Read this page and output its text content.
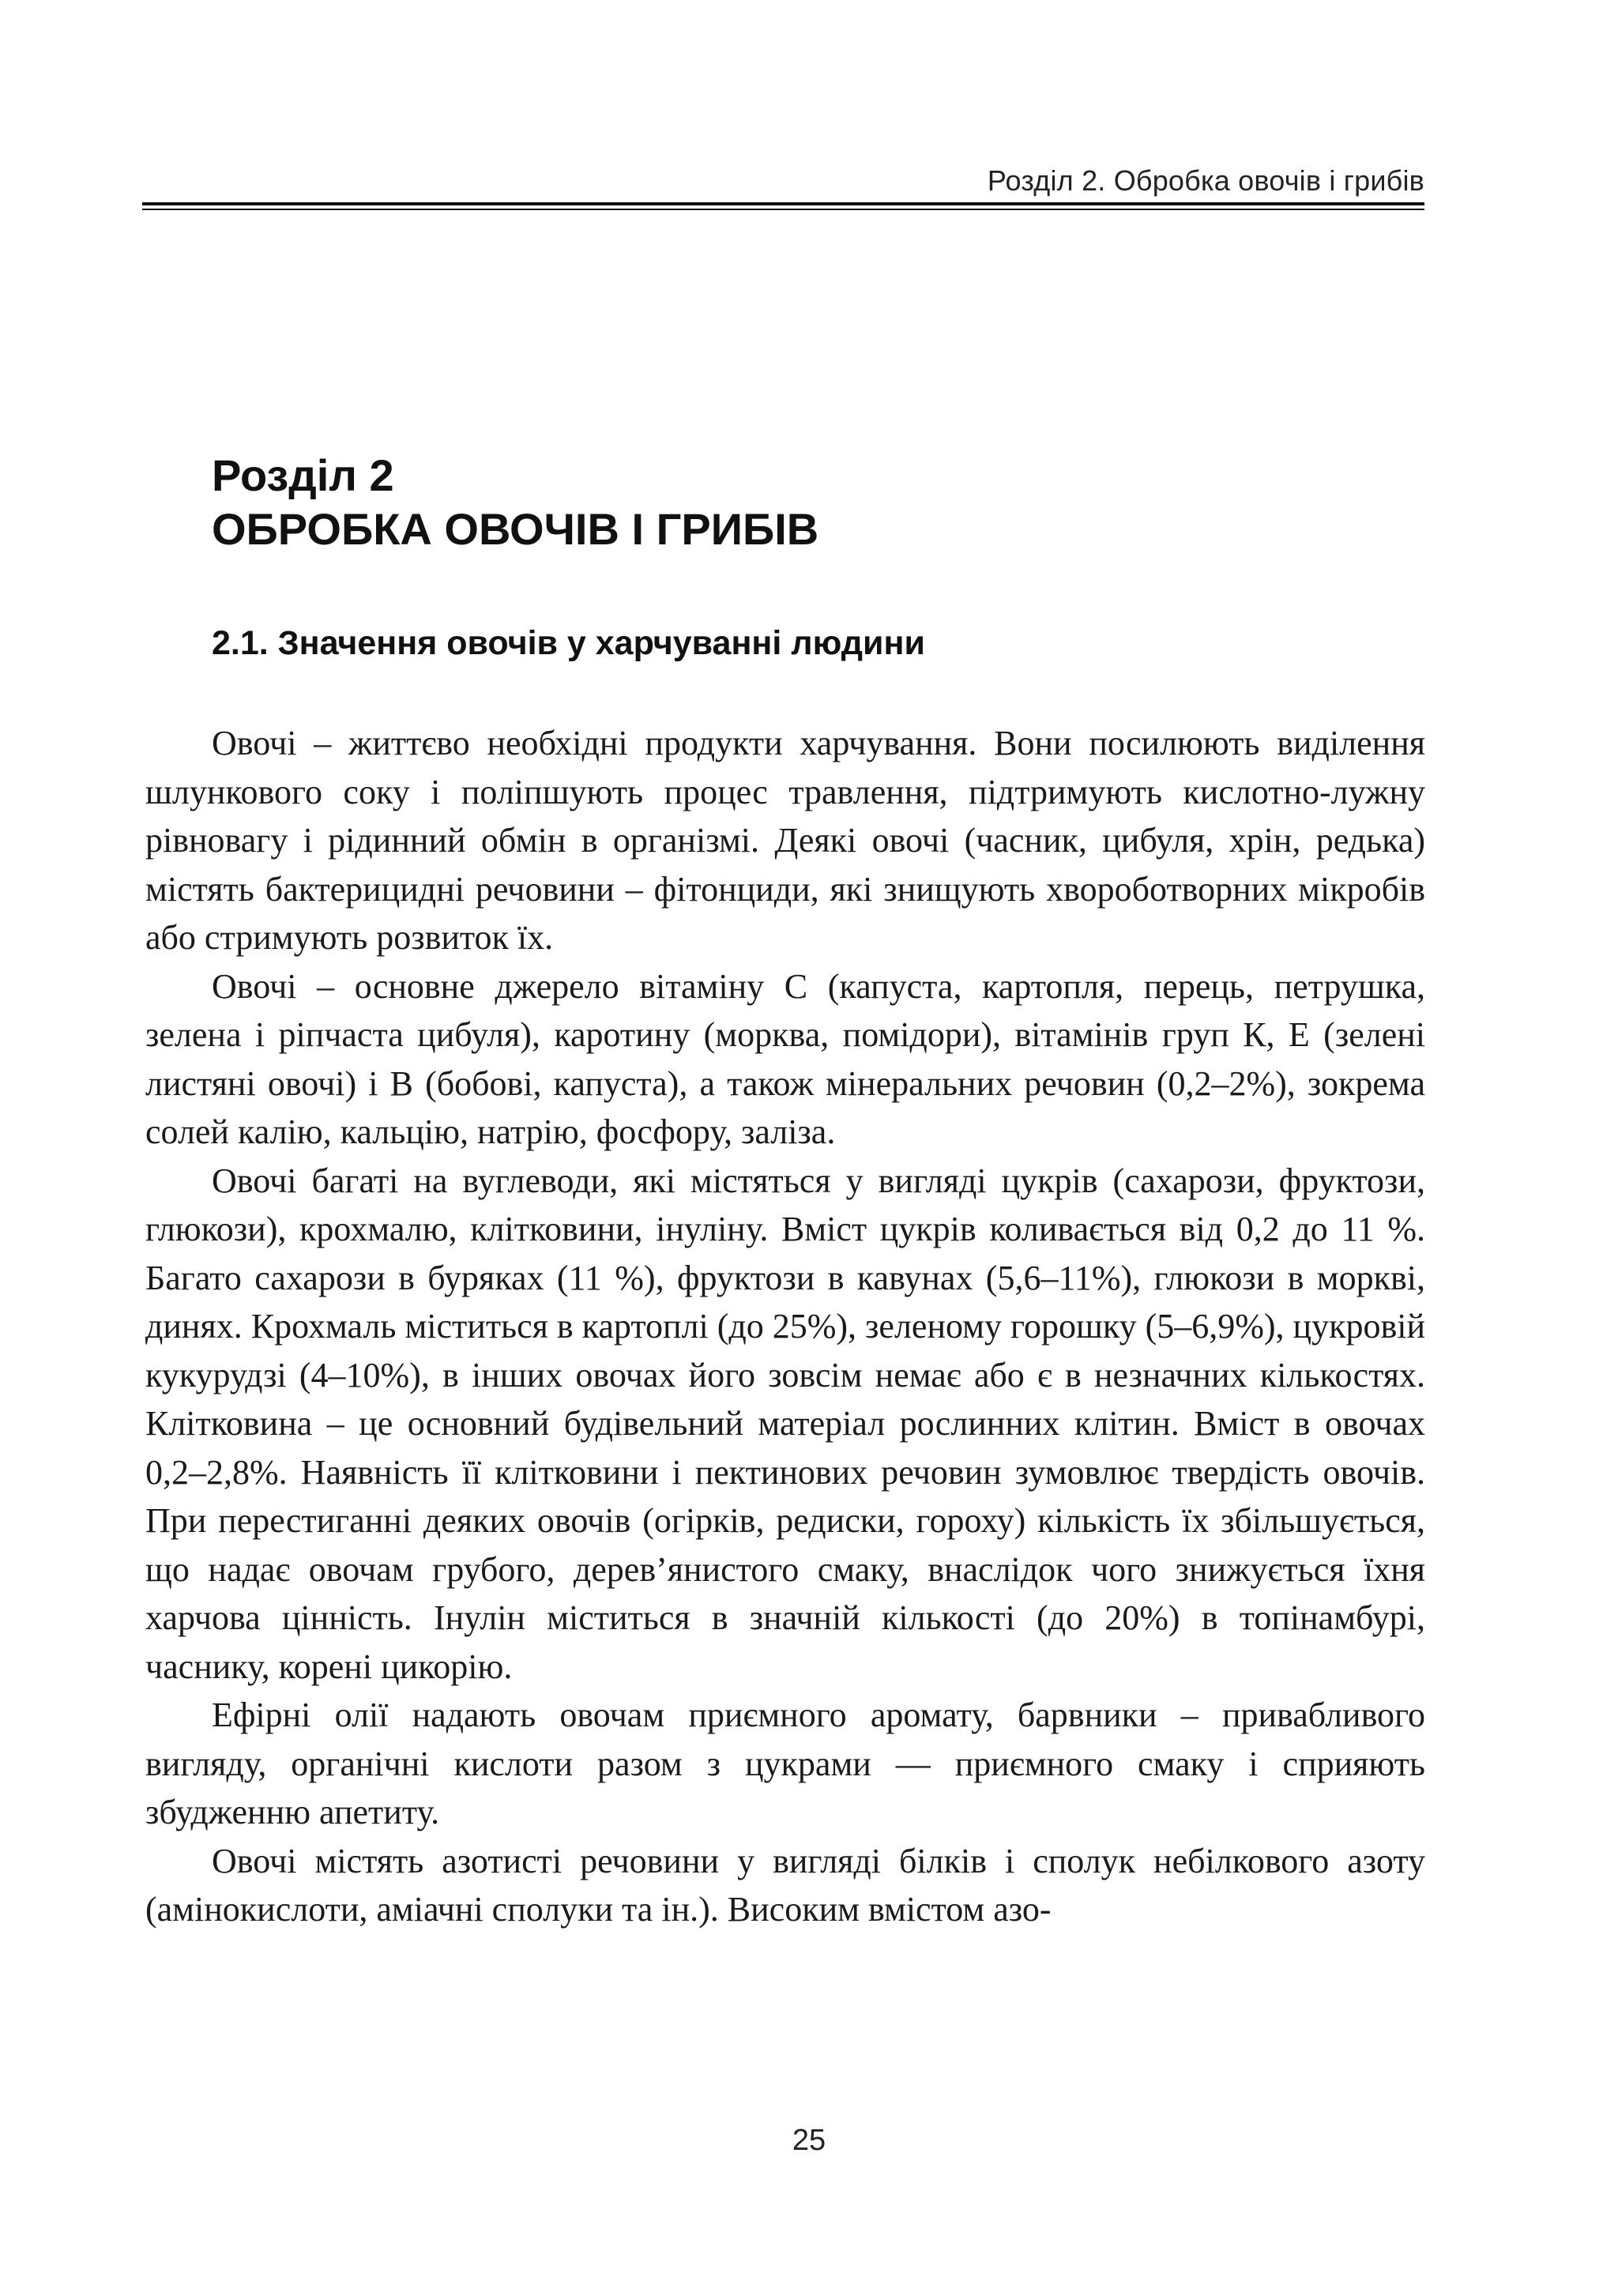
Розділ 2. Обробка овочів і грибів
Розділ 2
ОБРОБКА ОВОЧІВ І ГРИБІВ
2.1. Значення овочів у харчуванні людини

Овочі – життєво необхідні продукти харчування. Вони посилюють виділення шлункового соку і поліпшують процес травлення, підтримують кислотно-лужну рівновагу і рідинний обмін в організмі. Деякі овочі (часник, цибуля, хрін, редька) містять бактерицидні речовини – фітонциди, які знищують хвороботворних мікробів або стримують розвиток їх.

Овочі – основне джерело вітаміну С (капуста, картопля, перець, петрушка, зелена і ріпчаста цибуля), каротину (морква, помідори), вітамінів груп К, Е (зелені листяні овочі) і В (бобові, капуста), а також мінеральних речовин (0,2–2%), зокрема солей калію, кальцію, натрію, фосфору, заліза.

Овочі багаті на вуглеводи, які містяться у вигляді цукрів (сахарози, фруктози, глюкози), крохмалю, клітковини, інуліну. Вміст цукрів коливається від 0,2 до 11 %. Багато сахарози в буряках (11 %), фруктози в кавунах (5,6–11%), глюкози в моркві, динях. Крохмаль міститься в картоплі (до 25%), зеленому горошку (5–6,9%), цукровій кукурудзі (4–10%), в інших овочах його зовсім немає або є в незначних кількостях. Клітковина – це основний будівельний матеріал рослинних клітин. Вміст в овочах 0,2–2,8%. Наявність її клітковини і пектинових речовин зумовлює твердість овочів. При перестиганні деяких овочів (огірків, редиски, гороху) кількість їх збільшується, що надає овочам грубого, дерев’янистого смаку, внаслідок чого знижується їхня харчова цінність. Інулін міститься в значній кількості (до 20%) в топінамбурі, часнику, корені цикорію.

Ефірні олії надають овочам приємного аромату, барвники – привабливого вигляду, органічні кислоти разом з цукрами — приємного смаку і сприяють збудженню апетиту.

Овочі містять азотисті речовини у вигляді білків і сполук небілкового азоту (амінокислоти, аміачні сполуки та ін.). Високим вмістом азо-

25
